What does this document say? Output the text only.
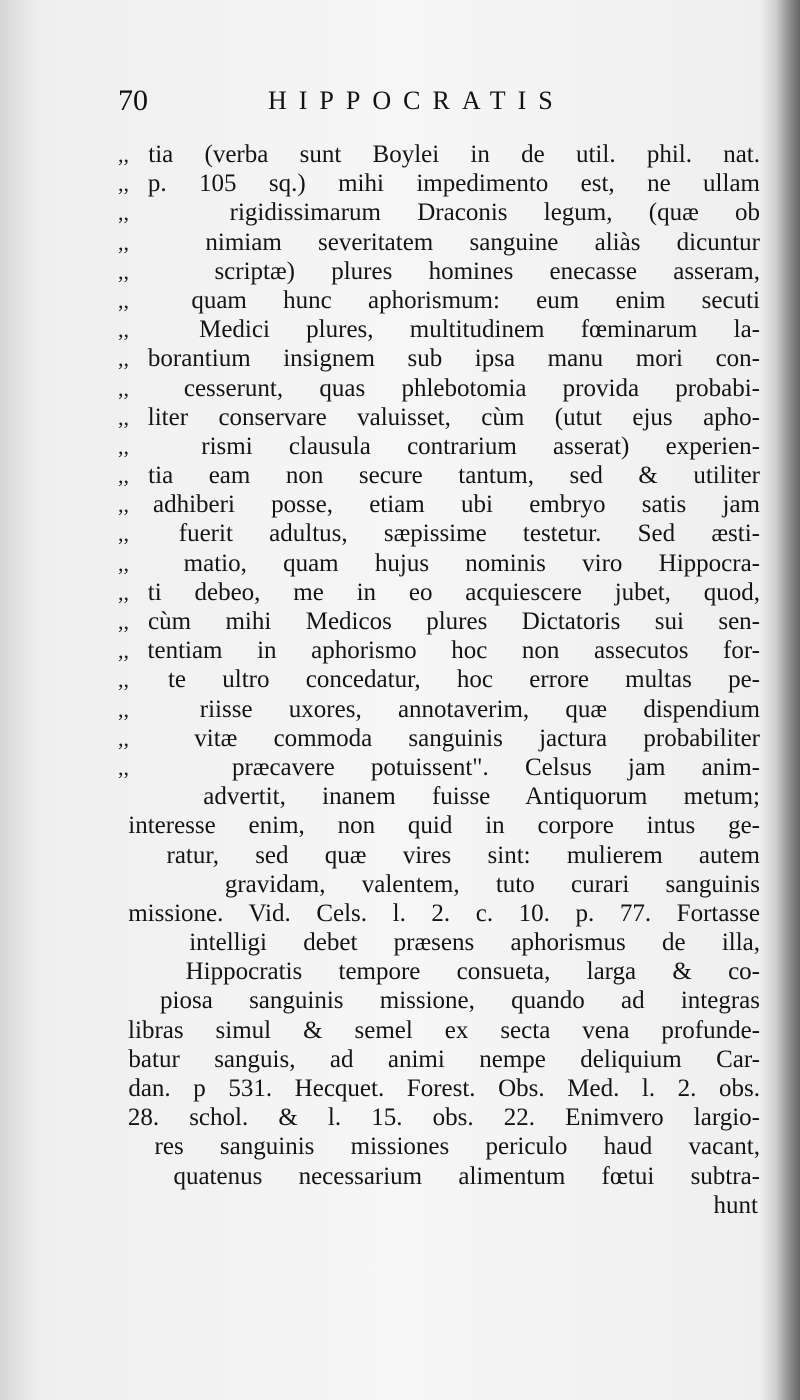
70	HIPPOCRATIS
,, tia (verba sunt Boylei in de util. phil. nat.
,, p. 105 sq.) mihi impedimento est, ne ullam
,,	rigidissimarum Draconis legum, (quæ ob
,,	nimiam severitatem sanguine aliàs dicuntur
,,	scriptæ) plures homines enecasse asseram,
,,	quam hunc aphorismum: eum enim secuti
,,	Medici plures, multitudinem fœminarum la-
,, borantium insignem sub ipsa manu mori con-
,,	cesserunt, quas phlebotomia provida probabi-
,, liter conservare valuisset, cùm (utut ejus apho-
,,	rismi clausula contrarium asserat) experien-
,, tia eam non secure tantum, sed & utiliter
,, adhiberi posse, etiam ubi embryo satis jam
,,	fuerit adultus, sæpissime testetur. Sed æsti-
,,	matio, quam hujus nominis viro Hippocra-
,, ti debeo, me in eo acquiescere jubet, quod,
,, cùm mihi Medicos plures Dictatoris sui sen-
,, tentiam in aphorismo hoc non assecutos for-
,,	te ultro concedatur, hoc errore multas pe-
,,	riisse uxores, annotaverim, quæ dispendium
,,	vitæ commoda sanguinis jactura probabiliter
,,	præcavere potuissent". Celsus jam anim-
advertit, inanem fuisse Antiquorum metum;
interesse enim, non quid in corpore intus ge-
ratur, sed quæ vires sint: mulierem autem
gravidam, valentem, tuto curari sanguinis
missione. Vid. Cels. l. 2. c. 10. p. 77. Fortasse
intelligi debet præsens aphorismus de illa,
Hippocratis tempore consueta, larga & co-
piosa sanguinis missione, quando ad integras
libras simul & semel ex secta vena profunde-
batur sanguis, ad animi nempe deliquium Car-
dan. p 531. Hecquet. Forest. Obs. Med. l. 2. obs.
28. schol. & l. 15. obs. 22. Enimvero largio-
res sanguinis missiones periculo haud vacant,
quatenus necessarium alimentum fœtui subtra-
hunt
